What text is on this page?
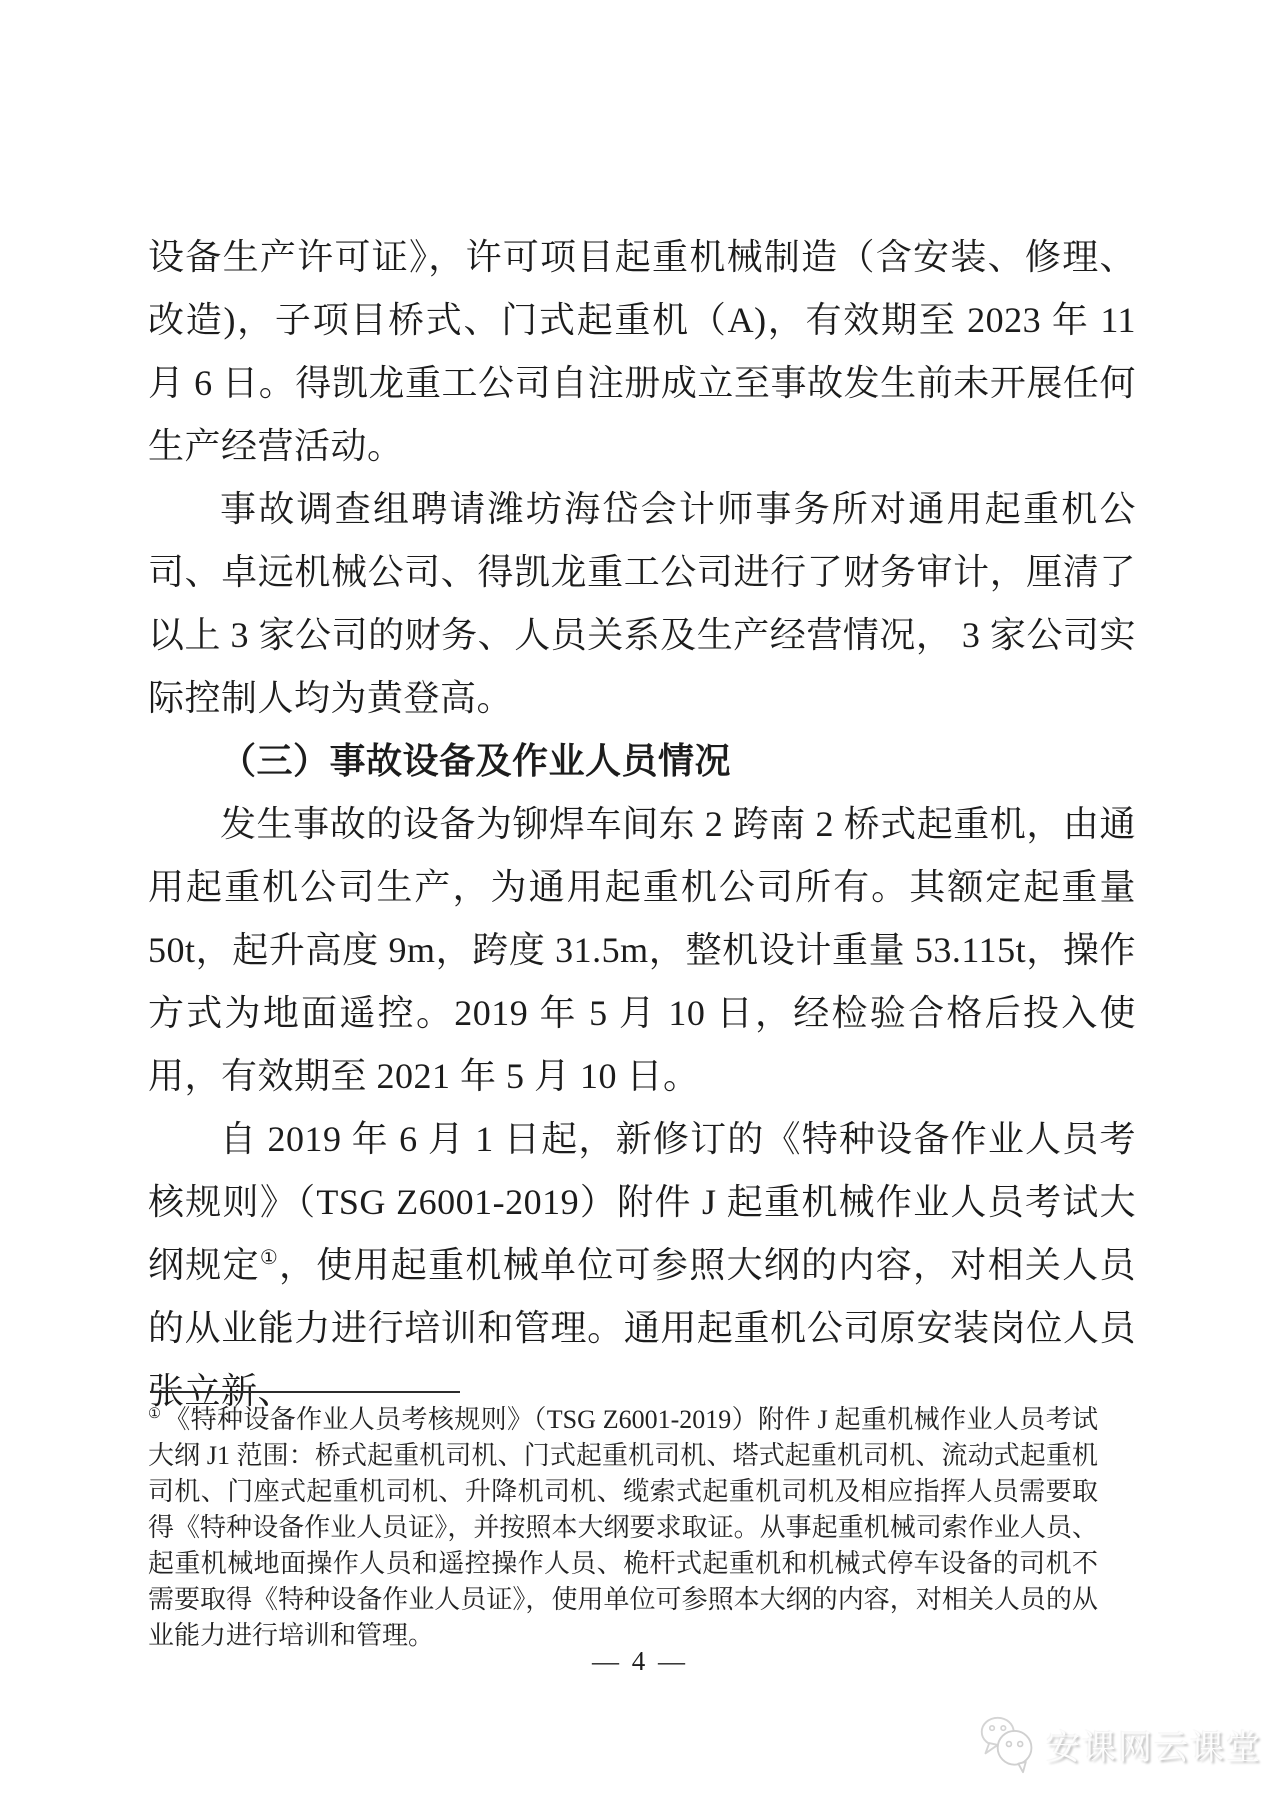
设备生产许可证》，许可项目起重机械制造（含安装、修理、改造)，子项目桥式、门式起重机（A)，有效期至 2023 年 11 月 6 日。得凯龙重工公司自注册成立至事故发生前未开展任何生产经营活动。

事故调查组聘请潍坊海岱会计师事务所对通用起重机公司、卓远机械公司、得凯龙重工公司进行了财务审计，厘清了以上 3 家公司的财务、人员关系及生产经营情况， 3 家公司实际控制人均为黄登高。

（三）事故设备及作业人员情况

发生事故的设备为铆焊车间东 2 跨南 2 桥式起重机，由通用起重机公司生产，为通用起重机公司所有。其额定起重量 50t，起升高度 9m，跨度 31.5m，整机设计重量 53.115t，操作方式为地面遥控。2019 年 5 月 10 日，经检验合格后投入使用，有效期至 2021 年 5 月 10 日。

自 2019 年 6 月 1 日起，新修订的《特种设备作业人员考核规则》（TSG Z6001-2019）附件 J 起重机械作业人员考试大纲规定①，使用起重机械单位可参照大纲的内容，对相关人员的从业能力进行培训和管理。通用起重机公司原安装岗位人员张立新、

① 《特种设备作业人员考核规则》（TSG Z6001-2019）附件 J 起重机械作业人员考试大纲 J1 范围：桥式起重机司机、门式起重机司机、塔式起重机司机、流动式起重机司机、门座式起重机司机、升降机司机、缆索式起重机司机及相应指挥人员需要取得《特种设备作业人员证》，并按照本大纲要求取证。从事起重机械司索作业人员、起重机械地面操作人员和遥控操作人员、桅杆式起重机和机械式停车设备的司机不需要取得《特种设备作业人员证》，使用单位可参照本大纲的内容，对相关人员的从业能力进行培训和管理。
— 4 —
安课网云课堂
